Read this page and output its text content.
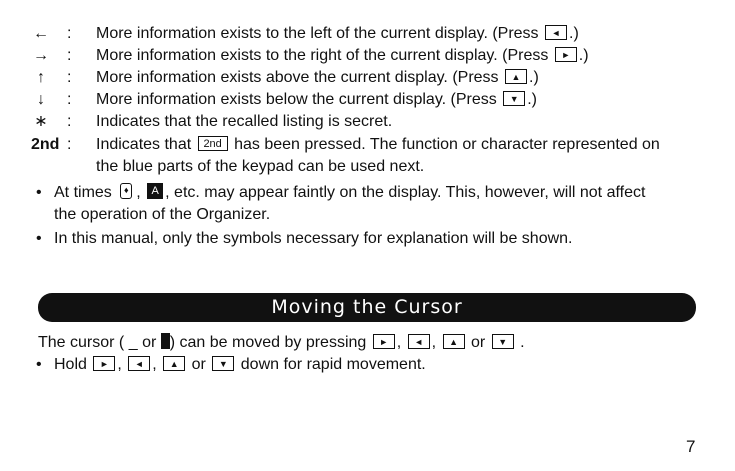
← : More information exists to the left of the current display. (Press ◄ .)
→ : More information exists to the right of the current display. (Press ► .)
↑	: More information exists above the current display. (Press ▲ .)
↓	: More information exists below the current display. (Press ▼ .)
∗ : Indicates that the recalled listing is secret.
2nd : Indicates that 2nd has been pressed. The function or character represented on
the blue parts of the keypad can be used next.
• At times ♦ , A , etc. may appear faintly on the display. This, however, will not affect
the operation of the Organizer.
• In this manual, only the symbols necessary for explanation will be shown.
Moving the Cursor
The cursor ( _ or ) can be moved by pressing ► , ◄ , ▲ or ▼ .
• Hold ► , ◄ , ▲ or ▼ down for rapid movement.
7
